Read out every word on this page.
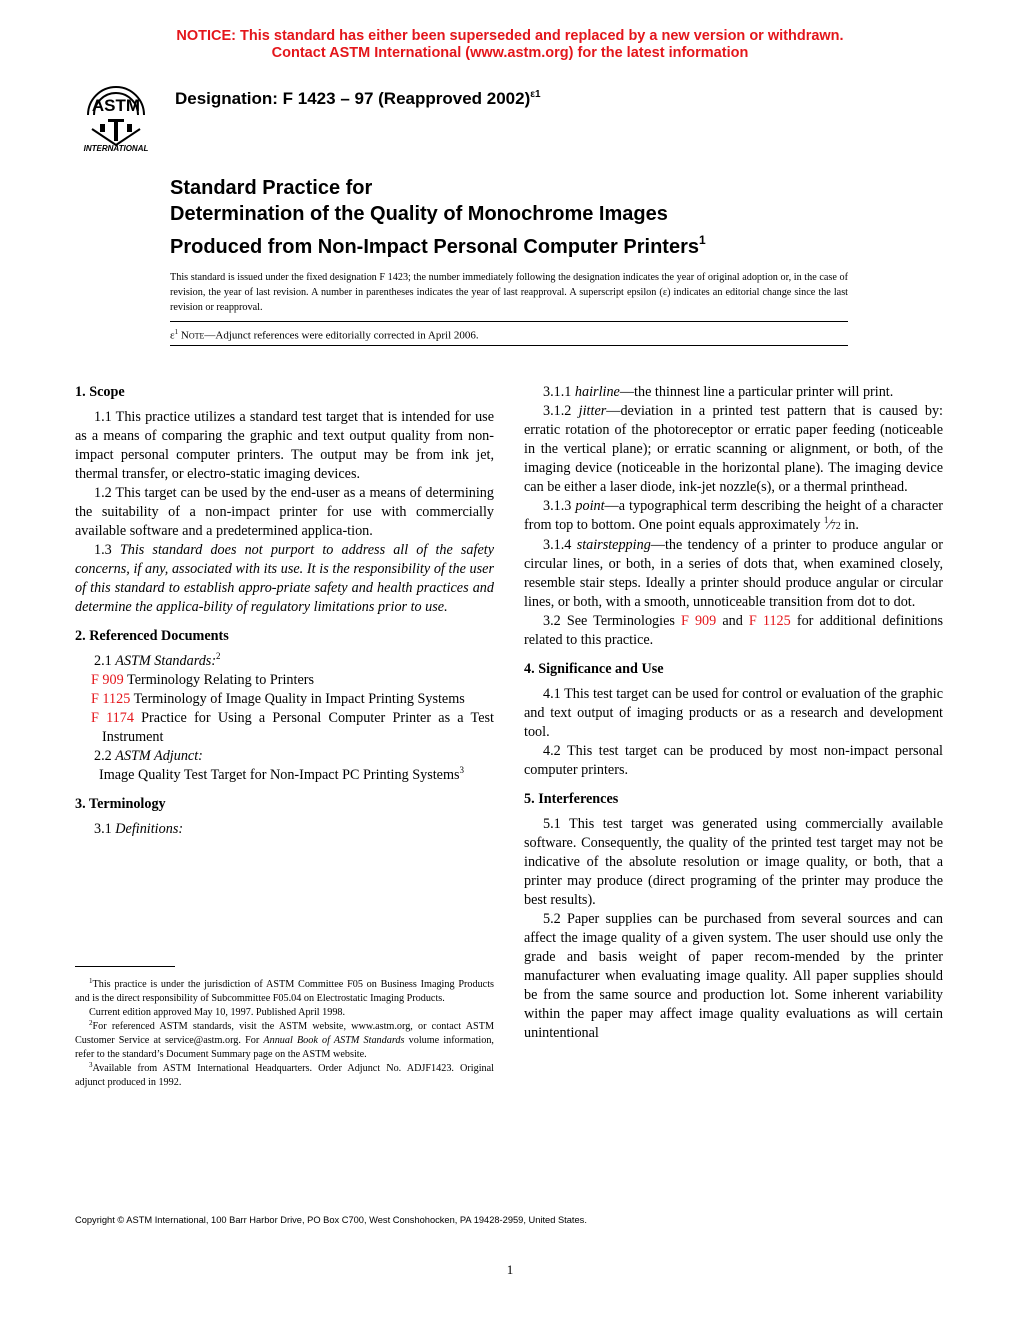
NOTICE: This standard has either been superseded and replaced by a new version or withdrawn.
Contact ASTM International (www.astm.org) for the latest information
ASTM
INTERNATIONAL
Designation: F 1423 – 97 (Reapproved 2002)$^{\varepsilon 1}$
Standard Practice for
Determination of the Quality of Monochrome Images
Produced from Non-Impact Personal Computer Printers$^1$
This standard is issued under the fixed designation F 1423; the number immediately following the designation indicates the year of original adoption or, in the case of revision, the year of last revision. A number in parentheses indicates the year of last reapproval. A superscript epsilon (ε) indicates an editorial change since the last revision or reapproval.
$\varepsilon^1$ Note—Adjunct references were editorially corrected in April 2006.

1. Scope

1.1 This practice utilizes a standard test target that is intended for use as a means of comparing the graphic and text output quality from non-impact personal computer printers. The output may be from ink jet, thermal transfer, or electro-static imaging devices.

1.2 This target can be used by the end-user as a means of determining the suitability of a non-impact printer for use with commercially available software and a predetermined applica-tion.

1.3 This standard does not purport to address all of the safety concerns, if any, associated with its use. It is the responsibility of the user of this standard to establish appro-priate safety and health practices and determine the applica-bility of regulatory limitations prior to use.

2. Referenced Documents

2.1 ASTM Standards:$^2$

F 909 Terminology Relating to Printers

F 1125 Terminology of Image Quality in Impact Printing Systems

F 1174 Practice for Using a Personal Computer Printer as a Test Instrument

2.2 ASTM Adjunct:

Image Quality Test Target for Non-Impact PC Printing Systems$^3$

3. Terminology

3.1 Definitions:

$^1$This practice is under the jurisdiction of ASTM Committee F05 on Business Imaging Products and is the direct responsibility of Subcommittee F05.04 on Electrostatic Imaging Products.

Current edition approved May 10, 1997. Published April 1998.

$^2$For referenced ASTM standards, visit the ASTM website, www.astm.org, or contact ASTM Customer Service at service@astm.org. For Annual Book of ASTM Standards volume information, refer to the standard’s Document Summary page on the ASTM website.

$^3$Available from ASTM International Headquarters. Order Adjunct No. ADJF1423. Original adjunct produced in 1992.

3.1.1 hairline—the thinnest line a particular printer will print.

3.1.2 jitter—deviation in a printed test pattern that is caused by: erratic rotation of the photoreceptor or erratic paper feeding (noticeable in the vertical plane); or erratic scanning or alignment, or both, of the imaging device (noticeable in the horizontal plane). The imaging device can be either a laser diode, ink-jet nozzle(s), or a thermal printhead.

3.1.3 point—a typographical term describing the height of a character from top to bottom. One point equals approximately $^1$⁄72 in.

3.1.4 stairstepping—the tendency of a printer to produce angular or circular lines, or both, in a series of dots that, when examined closely, resemble stair steps. Ideally a printer should produce angular or circular lines, or both, with a smooth, unnoticeable transition from dot to dot.

3.2 See Terminologies F 909 and F 1125 for additional definitions related to this practice.

4. Significance and Use

4.1 This test target can be used for control or evaluation of the graphic and text output of imaging products or as a research and development tool.

4.2 This test target can be produced by most non-impact personal computer printers.

5. Interferences

5.1 This test target was generated using commercially available software. Consequently, the quality of the printed test target may not be indicative of the absolute resolution or image quality, or both, that a printer may produce (direct programing of the printer may produce the best results).

5.2 Paper supplies can be purchased from several sources and can affect the image quality of a given system. The user should use only the grade and basis weight of paper recom-mended by the printer manufacturer when evaluating image quality. All paper supplies should be from the same source and production lot. Some inherent variability within the paper may affect image quality evaluations as will certain unintentional

Copyright © ASTM International, 100 Barr Harbor Drive, PO Box C700, West Conshohocken, PA 19428-2959, United States.
1
